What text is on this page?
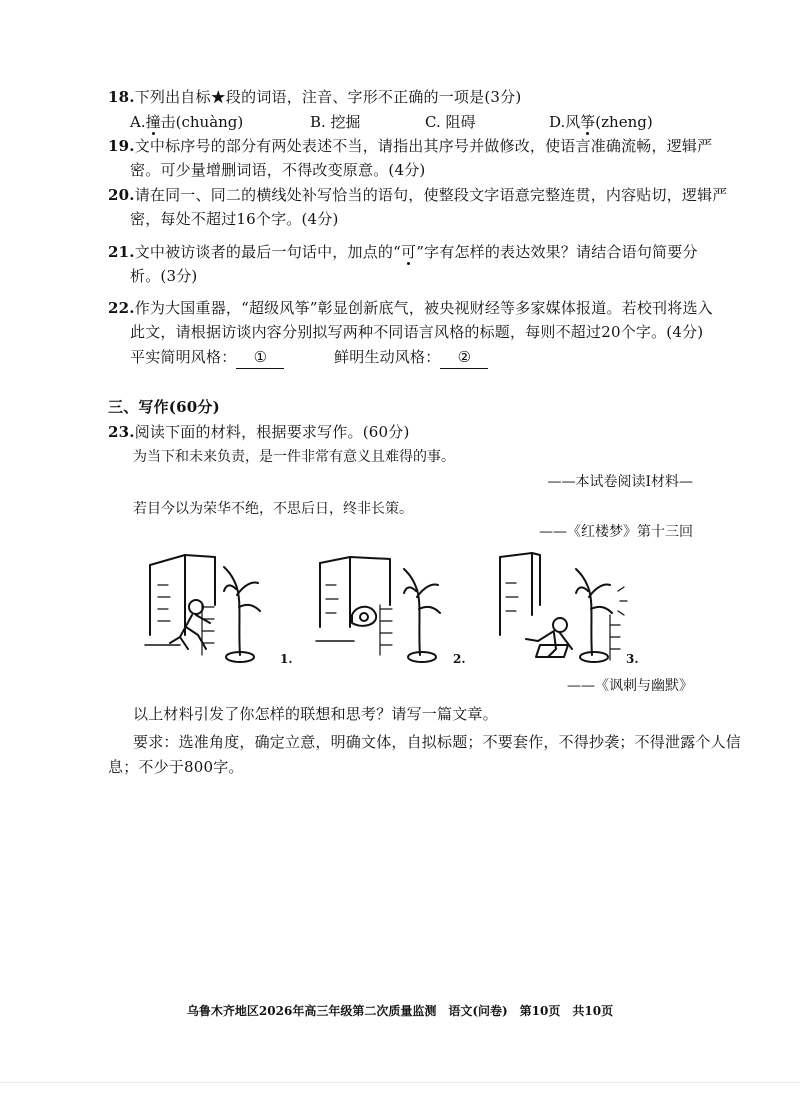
18.下列出自标★段的词语，注音、字形不正确的一项是(3分)
A.撞击(chuàng)	B. 挖掘	C. 阻碍	D.风筝(zheng)
19.文中标序号的部分有两处表述不当，请指出其序号并做修改，使语言准确流畅，逻辑严
密。可少量增删词语，不得改变原意。(4分)
20.请在同一、同二的横线处补写恰当的语句，使整段文字语意完整连贯，内容贴切，逻辑严
密，每处不超过16个字。(4分)
21.文中被访谈者的最后一句话中，加点的“可”字有怎样的表达效果？请结合语句简要分
析。(3分)
22.作为大国重器，“超级风筝”彰显创新底气，被央视财经等多家媒体报道。若校刊将选入
此文，请根据访谈内容分别拟写两种不同语言风格的标题，每则不超过20个字。(4分)
平实简明风格： ①	鲜明生动风格： ②
三、写作(60分)
23.阅读下面的材料，根据要求写作。(60分)
为当下和未来负责，是一件非常有意义且难得的事。
——本试卷阅读I材料—
若目今以为荣华不绝，不思后日，终非长策。
——《红楼梦》第十三回
1.	2.	3.
——《讽刺与幽默》
以上材料引发了你怎样的联想和思考？请写一篇文章。
要求：选准角度，确定立意，明确文体，自拟标题；不要套作，不得抄袭；不得泄露个人信
息；不少于800字。
乌鲁木齐地区2026年高三年级第二次质量监测　语文(问卷)　第10页　共10页
